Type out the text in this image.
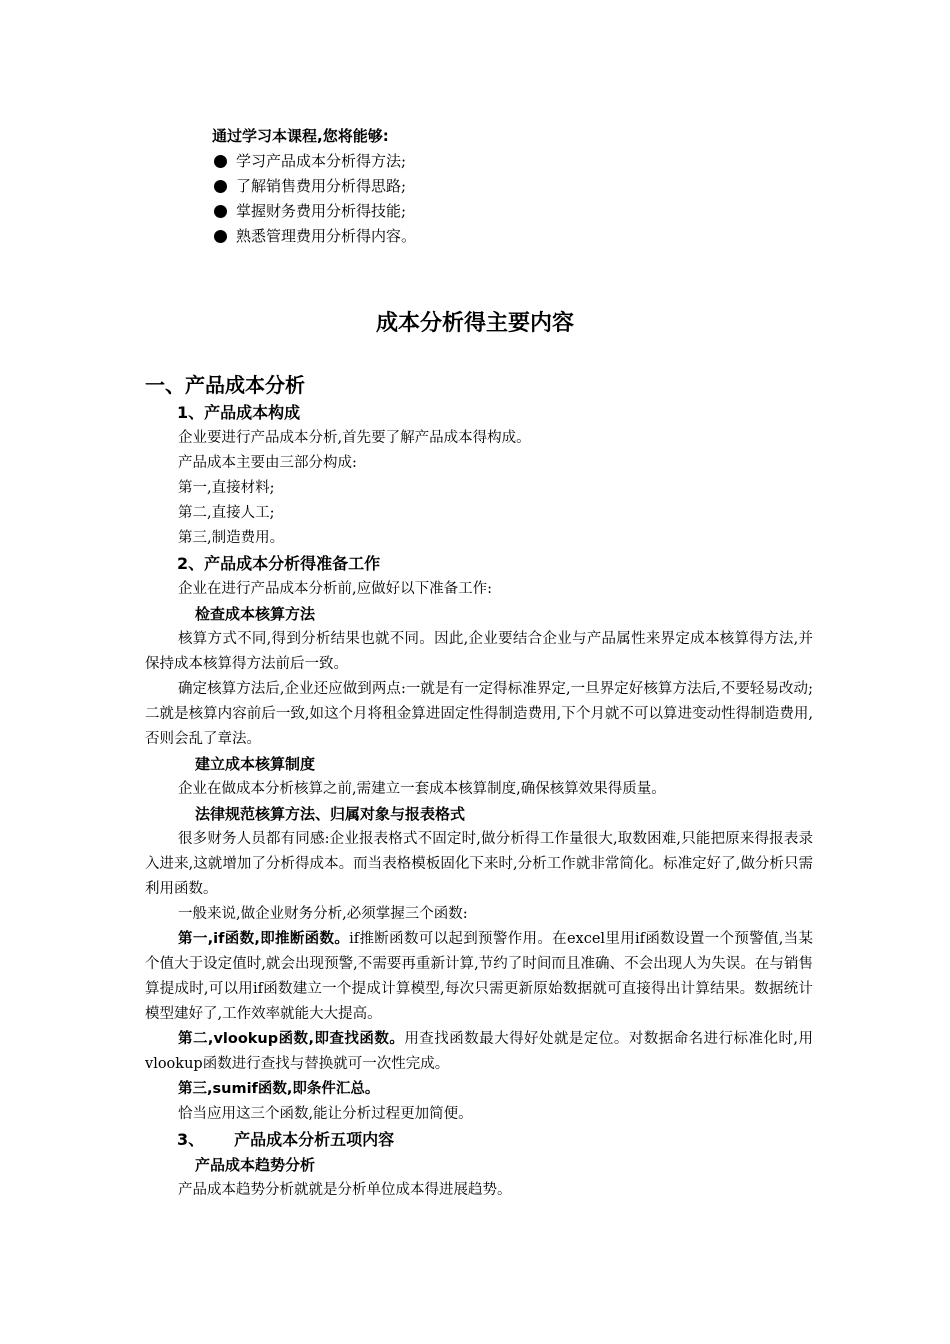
通过学习本课程,您将能够:

学习产品成本分析得方法;
了解销售费用分析得思路;
掌握财务费用分析得技能;
熟悉管理费用分析得内容。
成本分析得主要内容
一、产品成本分析
1、产品成本构成

企业要进行产品成本分析,首先要了解产品成本得构成。

产品成本主要由三部分构成:

第一,直接材料;

第二,直接人工;

第三,制造费用。

2、产品成本分析得准备工作

企业在进行产品成本分析前,应做好以下准备工作:

检查成本核算方法

核算方式不同,得到分析结果也就不同。因此,企业要结合企业与产品属性来界定成本核算得方法,并保持成本核算得方法前后一致。

确定核算方法后,企业还应做到两点:一就是有一定得标准界定,一旦界定好核算方法后,不要轻易改动;二就是核算内容前后一致,如这个月将租金算进固定性得制造费用,下个月就不可以算进变动性得制造费用,否则会乱了章法。

建立成本核算制度

企业在做成本分析核算之前,需建立一套成本核算制度,确保核算效果得质量。

法律规范核算方法、归属对象与报表格式

很多财务人员都有同感:企业报表格式不固定时,做分析得工作量很大,取数困难,只能把原来得报表录入进来,这就增加了分析得成本。而当表格模板固化下来时,分析工作就非常简化。标准定好了,做分析只需利用函数。

一般来说,做企业财务分析,必须掌握三个函数:

第一,if函数,即推断函数。if推断函数可以起到预警作用。在excel里用if函数设置一个预警值,当某个值大于设定值时,就会出现预警,不需要再重新计算,节约了时间而且准确、不会出现人为失误。在与销售算提成时,可以用if函数建立一个提成计算模型,每次只需更新原始数据就可直接得出计算结果。数据统计模型建好了,工作效率就能大大提高。

第二,vlookup函数,即查找函数。用查找函数最大得好处就是定位。对数据命名进行标准化时,用vlookup函数进行查找与替换就可一次性完成。

第三,sumif函数,即条件汇总。

恰当应用这三个函数,能让分析过程更加简便。

3、 产品成本分析五项内容
产品成本趋势分析

产品成本趋势分析就就是分析单位成本得进展趋势。
